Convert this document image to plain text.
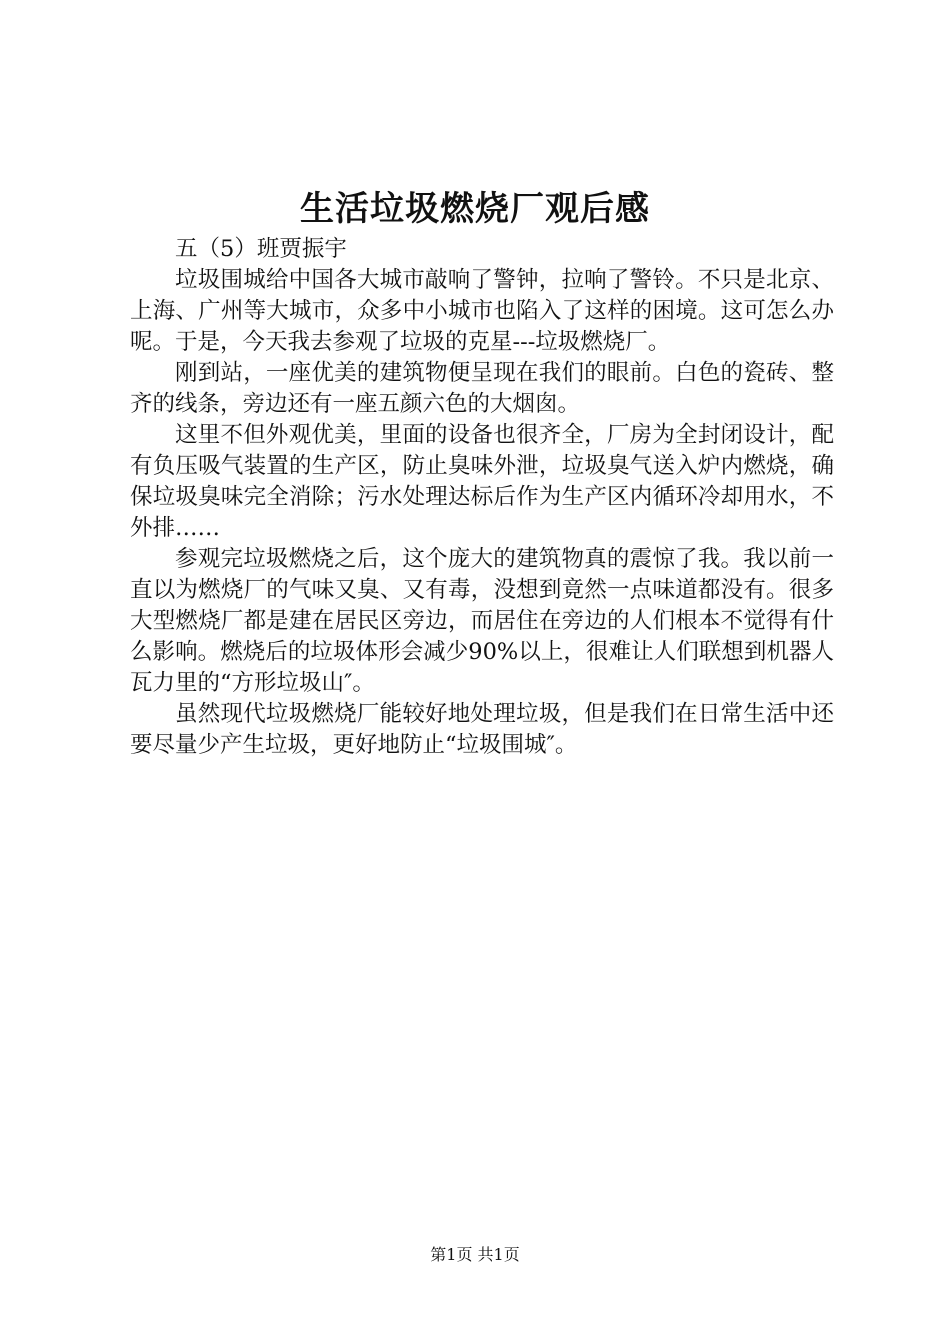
生活垃圾燃烧厂观后感

五（5）班贾振宇

垃圾围城给中国各大城市敲响了警钟，拉响了警铃。不只是北京、上海、广州等大城市，众多中小城市也陷入了这样的困境。这可怎么办呢。于是，今天我去参观了垃圾的克星---垃圾燃烧厂。

刚到站，一座优美的建筑物便呈现在我们的眼前。白色的瓷砖、整齐的线条，旁边还有一座五颜六色的大烟囱。

这里不但外观优美，里面的设备也很齐全，厂房为全封闭设计，配有负压吸气装置的生产区，防止臭味外泄，垃圾臭气送入炉内燃烧，确保垃圾臭味完全消除；污水处理达标后作为生产区内循环冷却用水，不外排……

参观完垃圾燃烧之后，这个庞大的建筑物真的震惊了我。我以前一直以为燃烧厂的气味又臭、又有毒，没想到竟然一点味道都没有。很多大型燃烧厂都是建在居民区旁边，而居住在旁边的人们根本不觉得有什么影响。燃烧后的垃圾体形会减少90%以上，很难让人们联想到机器人瓦力里的“方形垃圾山″。

虽然现代垃圾燃烧厂能较好地处理垃圾，但是我们在日常生活中还要尽量少产生垃圾，更好地防止“垃圾围城″。

第1页 共1页
